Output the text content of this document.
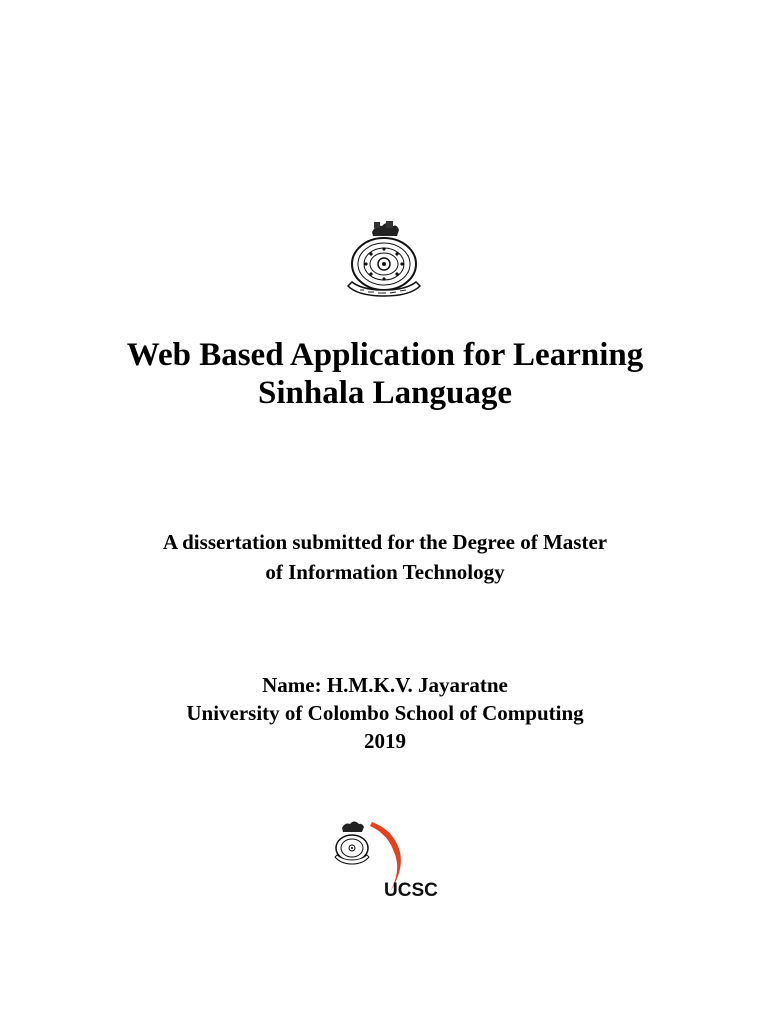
Web Based Application for Learning
Sinhala Language
A dissertation submitted for the Degree of Master
of Information Technology
Name: H.M.K.V. Jayaratne
University of Colombo School of Computing
2019
UCSC
